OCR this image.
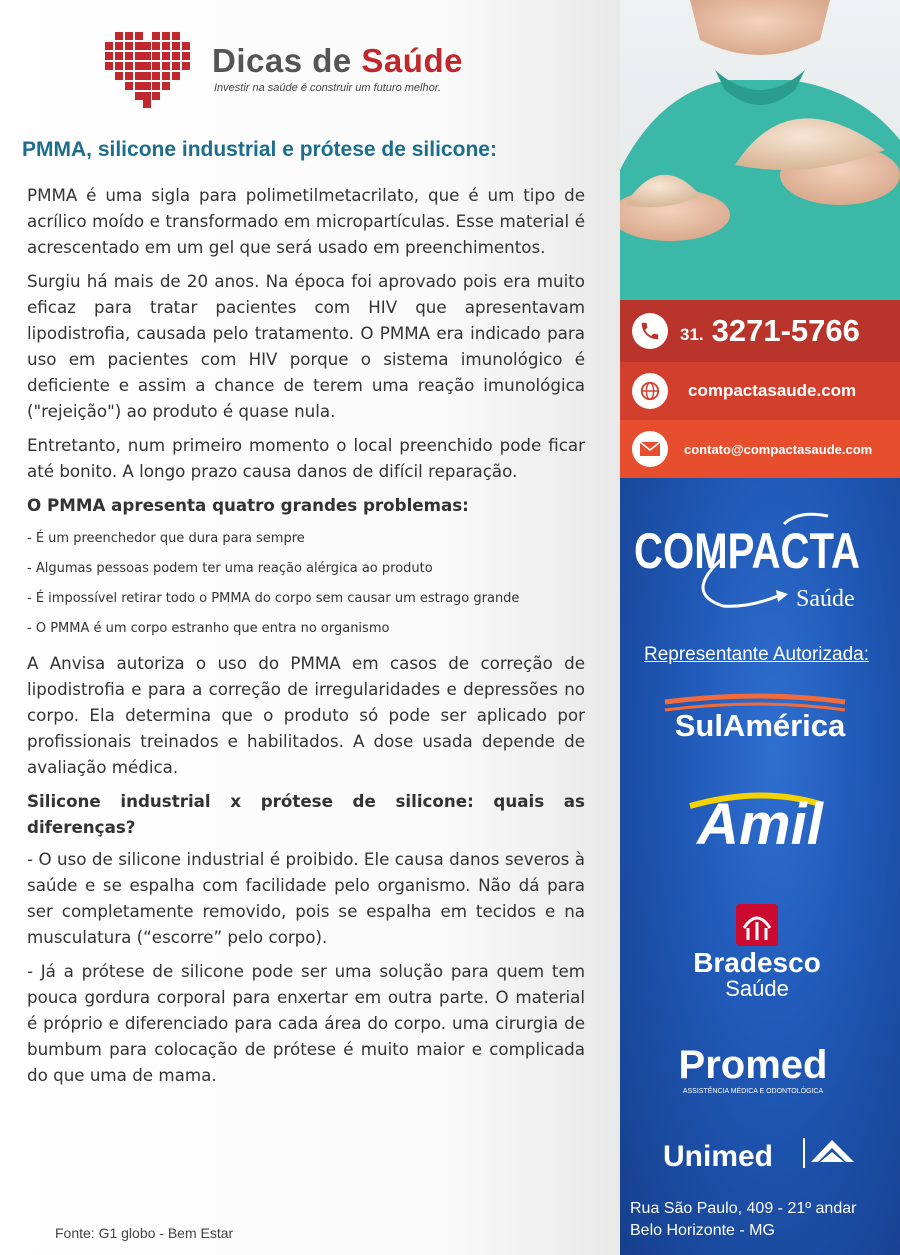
Dicas de Saúde
Investir na saúde é construir um futuro melhor.
PMMA, silicone industrial e prótese de silicone:

PMMA é uma sigla para polimetilmetacrilato, que é um tipo de acrílico moído e transformado em micropartículas. Esse material é acrescentado em um gel que será usado em preenchimentos.

Surgiu há mais de 20 anos. Na época foi aprovado pois era muito eficaz para tratar pacientes com HIV que apresentavam lipodistrofia, causada pelo tratamento. O PMMA era indicado para uso em pacientes com HIV porque o sistema imunológico é deficiente e assim a chance de terem uma reação imunológica ("rejeição") ao produto é quase nula.

Entretanto, num primeiro momento o local preenchido pode ficar até bonito. A longo prazo causa danos de difícil reparação.

O PMMA apresenta quatro grandes problemas:
- É um preenchedor que dura para sempre
- Algumas pessoas podem ter uma reação alérgica ao produto
- É impossível retirar todo o PMMA do corpo sem causar um estrago grande
- O PMMA é um corpo estranho que entra no organismo

A Anvisa autoriza o uso do PMMA em casos de correção de lipodistrofia e para a correção de irregularidades e depressões no corpo. Ela determina que o produto só pode ser aplicado por profissionais treinados e habilitados. A dose usada depende de avaliação médica.

Silicone industrial x prótese de silicone: quais as diferenças?

- O uso de silicone industrial é proibido. Ele causa danos severos à saúde e se espalha com facilidade pelo organismo. Não dá para ser completamente removido, pois se espalha em tecidos e na musculatura (“escorre” pelo corpo).

- Já a prótese de silicone pode ser uma solução para quem tem pouca gordura corporal para enxertar em outra parte. O material é próprio e diferenciado para cada área do corpo. uma cirurgia de bumbum para colocação de prótese é muito maior e complicada do que uma de mama.

Fonte: G1 globo - Bem Estar
31. 3271-5766
compactasaude.com
contato@compactasaude.com
COMPACTA
Saúde
Representante Autorizada:
SulAmérica
Amil
Bradesco
Saúde
Promed
ASSISTÊNCIA MÉDICA E ODONTOLÓGICA
Unimed
Rua São Paulo, 409 - 21º andar
Belo Horizonte - MG
